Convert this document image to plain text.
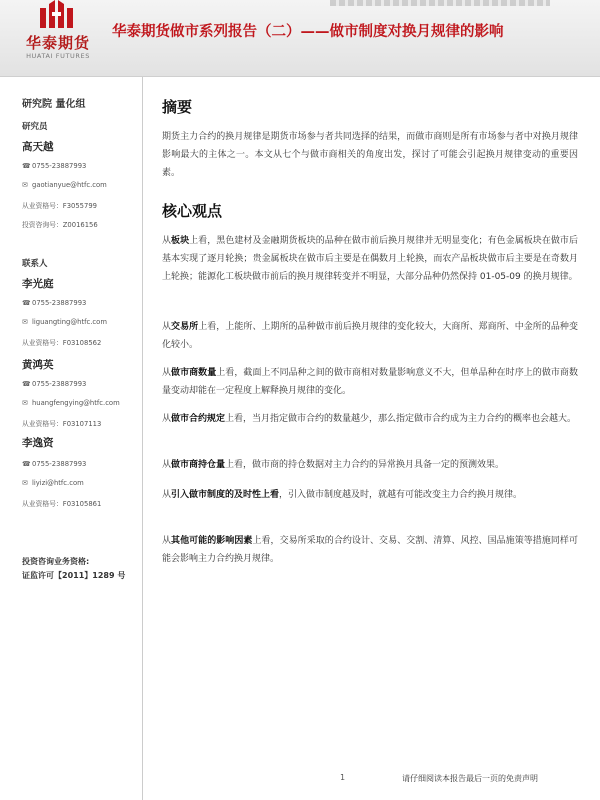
华泰期货
HUATAI FUTURES
华泰期货做市系列报告（二）——做市制度对换月规律的影响
研究院 量化组
研究员
高天越
☎0755-23887993
✉ gaotianyue@htfc.com
从业资格号：F3055799
投资咨询号：Z0016156
联系人
李光庭
☎0755-23887993
✉ liguangting@htfc.com
从业资格号：F03108562
黄鸿英
☎0755-23887993
✉ huangfengying@htfc.com
从业资格号：F03107113
李逸资
☎0755-23887993
✉ liyizi@htfc.com
从业资格号：F03105861
投资咨询业务资格:
证监许可【2011】1289 号
摘要
期货主力合约的换月规律是期货市场参与者共同选择的结果，而做市商则是所有市场参与者中对换月规律影响最大的主体之一。本文从七个与做市商相关的角度出发，探讨了可能会引起换月规律变动的重要因素。
核心观点
从板块上看，黑色建材及金融期货板块的品种在做市前后换月规律并无明显变化；有色金属板块在做市后基本实现了逐月轮换；贵金属板块在做市后主要是在偶数月上轮换，而农产品板块做市后主要是在奇数月上轮换；能源化工板块做市前后的换月规律转变并不明显，大部分品种仍然保持 01-05-09 的换月规律。
从交易所上看，上能所、上期所的品种做市前后换月规律的变化较大，大商所、郑商所、中金所的品种变化较小。
从做市商数量上看，截面上不同品种之间的做市商相对数量影响意义不大，但单品种在时序上的做市商数量变动却能在一定程度上解释换月规律的变化。
从做市合约规定上看，当月指定做市合约的数量越少，那么指定做市合约成为主力合约的概率也会越大。
从做市商持仓量上看，做市商的持仓数据对主力合约的异常换月具备一定的预测效果。
从引入做市制度的及时性上看，引入做市制度越及时，就越有可能改变主力合约换月规律。
从其他可能的影响因素上看，交易所采取的合约设计、交易、交割、清算、风控、国品施策等措施同样可能会影响主力合约换月规律。
1	请仔细阅读本报告最后一页的免责声明
